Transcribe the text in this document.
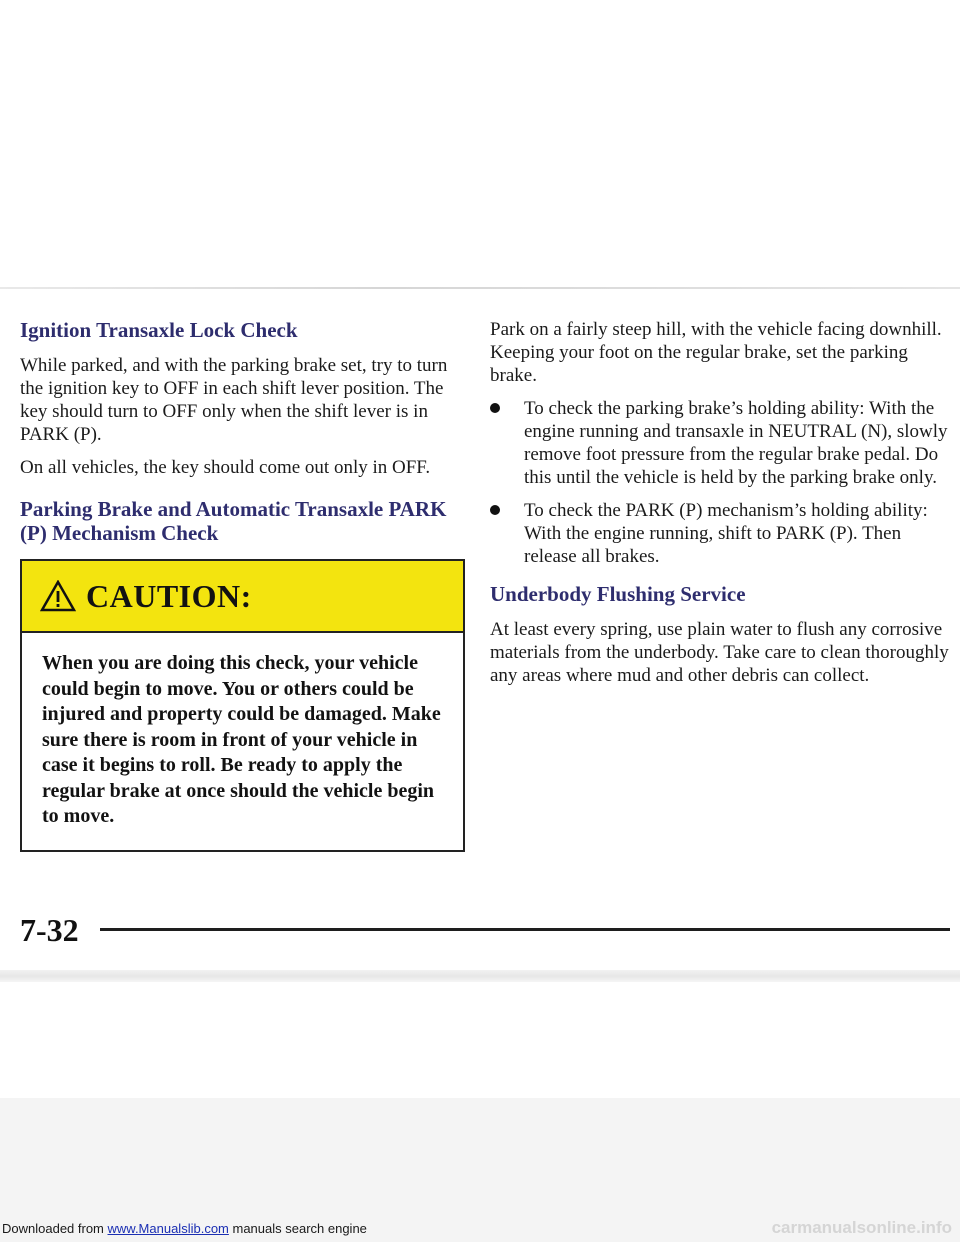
Ignition Transaxle Lock Check

While parked, and with the parking brake set, try to turn the ignition key to OFF in each shift lever position. The key should turn to OFF only when the shift lever is in PARK (P).

On all vehicles, the key should come out only in OFF.

Parking Brake and Automatic Transaxle PARK (P) Mechanism Check
CAUTION:
When you are doing this check, your vehicle could begin to move. You or others could be injured and property could be damaged. Make sure there is room in front of your vehicle in case it begins to roll. Be ready to apply the regular brake at once should the vehicle begin to move.

Park on a fairly steep hill, with the vehicle facing downhill. Keeping your foot on the regular brake, set the parking brake.

To check the parking brake’s holding ability: With the engine running and transaxle in NEUTRAL (N), slowly remove foot pressure from the regular brake pedal. Do this until the vehicle is held by the parking brake only.
To check the PARK (P) mechanism’s holding ability: With the engine running, shift to PARK (P). Then release all brakes.
Underbody Flushing Service

At least every spring, use plain water to flush any corrosive materials from the underbody. Take care to clean thoroughly any areas where mud and other debris can collect.

7-32
Downloaded from www.Manualslib.com manuals search engine	carmanualsonline.info
